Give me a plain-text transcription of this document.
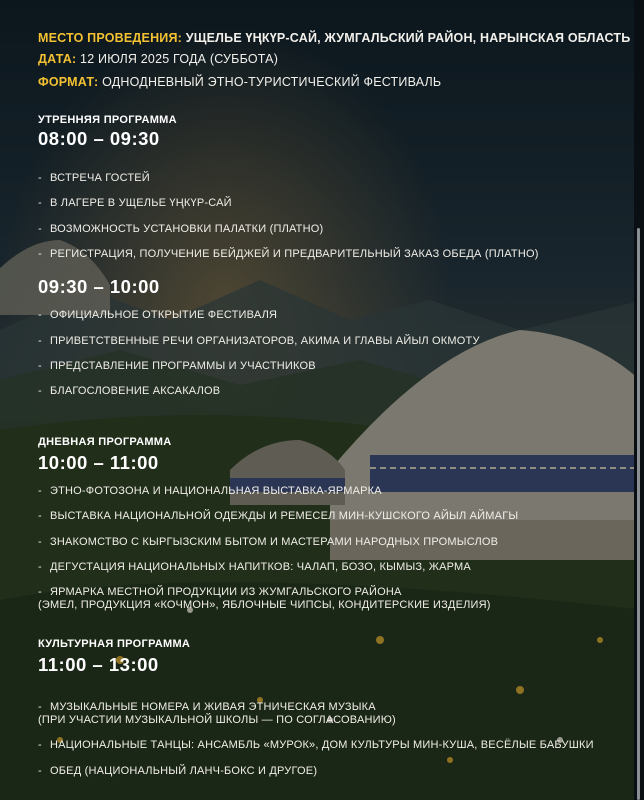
МЕСТО ПРОВЕДЕНИЯ: УЩЕЛЬЕ ҮҢКҮР-САЙ, ЖУМГАЛЬСКИЙ РАЙОН, НАРЫНСКАЯ ОБЛАСТЬ
ДАТА: 12 ИЮЛЯ 2025 ГОДА (СУББОТА)
ФОРМАТ: ОДНОДНЕВНЫЙ ЭТНО-ТУРИСТИЧЕСКИЙ ФЕСТИВАЛЬ
УТРЕННЯЯ ПРОГРАММА
08:00 – 09:30
- ВСТРЕЧА ГОСТЕЙ
- В ЛАГЕРЕ В УЩЕЛЬЕ ҮҢКҮР-САЙ
- ВОЗМОЖНОСТЬ УСТАНОВКИ ПАЛАТКИ (ПЛАТНО)
- РЕГИСТРАЦИЯ, ПОЛУЧЕНИЕ БЕЙДЖЕЙ И ПРЕДВАРИТЕЛЬНЫЙ ЗАКАЗ ОБЕДА (ПЛАТНО)
09:30 – 10:00
- ОФИЦИАЛЬНОЕ ОТКРЫТИЕ ФЕСТИВАЛЯ
- ПРИВЕТСТВЕННЫЕ РЕЧИ ОРГАНИЗАТОРОВ, АКИМА И ГЛАВЫ АЙЫЛ ОКМОТУ
- ПРЕДСТАВЛЕНИЕ ПРОГРАММЫ И УЧАСТНИКОВ
- БЛАГОСЛОВЕНИЕ АКСАКАЛОВ
ДНЕВНАЯ ПРОГРАММА
10:00 – 11:00
- ЭТНО-ФОТОЗОНА И НАЦИОНАЛЬНАЯ ВЫСТАВКА-ЯРМАРКА
- ВЫСТАВКА НАЦИОНАЛЬНОЙ ОДЕЖДЫ И РЕМЕСЕЛ МИН-КУШСКОГО АЙЫЛ АЙМАГЫ
- ЗНАКОМСТВО С КЫРГЫЗСКИМ БЫТОМ И МАСТЕРАМИ НАРОДНЫХ ПРОМЫСЛОВ
- ДЕГУСТАЦИЯ НАЦИОНАЛЬНЫХ НАПИТКОВ: ЧАЛАП, БОЗО, КЫМЫЗ, ЖАРМА
- ЯРМАРКА МЕСТНОЙ ПРОДУКЦИИ ИЗ ЖУМГАЛЬСКОГО РАЙОНА
(ЭМЕЛ, ПРОДУКЦИЯ «КОЧМОН», ЯБЛОЧНЫЕ ЧИПСЫ, КОНДИТЕРСКИЕ ИЗДЕЛИЯ)
КУЛЬТУРНАЯ ПРОГРАММА
11:00 – 13:00
- МУЗЫКАЛЬНЫЕ НОМЕРА И ЖИВАЯ ЭТНИЧЕСКАЯ МУЗЫКА
(ПРИ УЧАСТИИ МУЗЫКАЛЬНОЙ ШКОЛЫ — ПО СОГЛАСОВАНИЮ)
- НАЦИОНАЛЬНЫЕ ТАНЦЫ: АНСАМБЛЬ «МУРОК», ДОМ КУЛЬТУРЫ МИН-КУША, ВЕСЁЛЫЕ БАБУШКИ
- ОБЕД (НАЦИОНАЛЬНЫЙ ЛАНЧ-БОКС И ДРУГОЕ)
